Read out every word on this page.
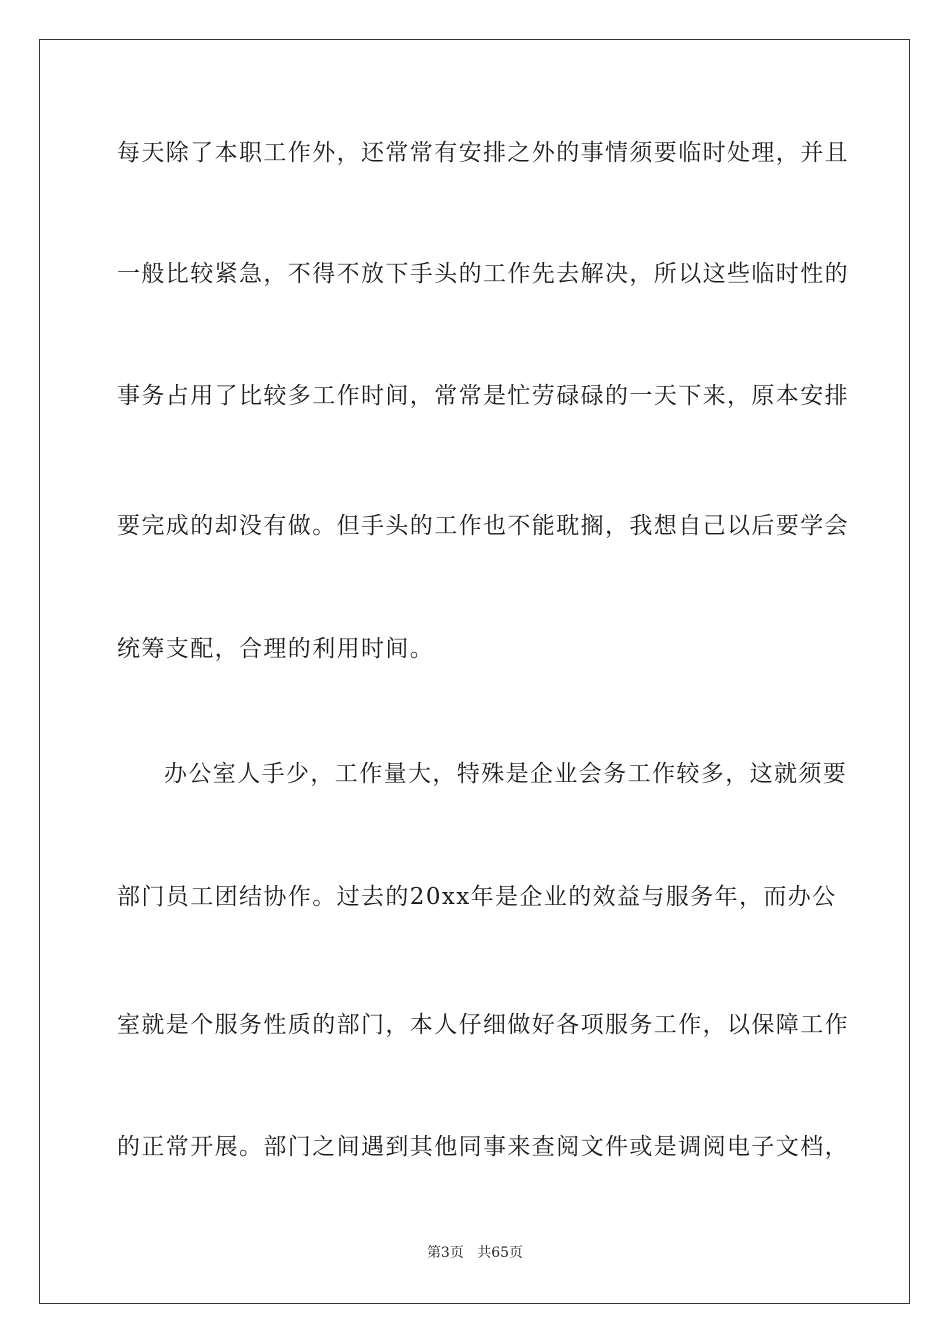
每天除了本职工作外，还常常有安排之外的事情须要临时处理，并且
一般比较紧急，不得不放下手头的工作先去解决，所以这些临时性的
事务占用了比较多工作时间，常常是忙劳碌碌的一天下来，原本安排
要完成的却没有做。但手头的工作也不能耽搁，我想自己以后要学会
统筹支配，合理的利用时间。
办公室人手少，工作量大，特殊是企业会务工作较多，这就须要
部门员工团结协作。过去的20xx年是企业的效益与服务年，而办公
室就是个服务性质的部门，本人仔细做好各项服务工作，以保障工作
的正常开展。部门之间遇到其他同事来查阅文件或是调阅电子文档，
第3页 共65页
